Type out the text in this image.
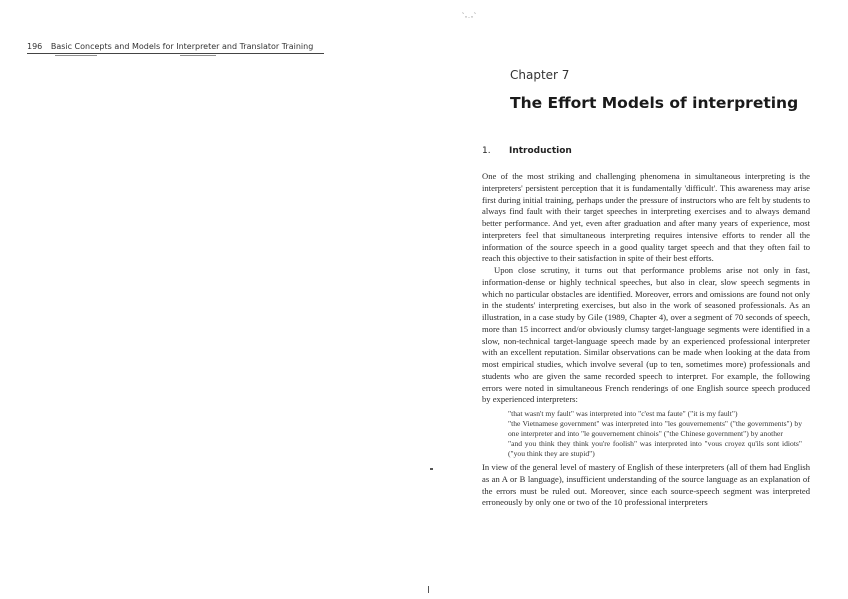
196 Basic Concepts and Models for Interpreter and Translator Training
˜ᵤ˯ᵤ˜
Chapter 7
The Effort Models of interpreting
1. Introduction

One of the most striking and challenging phenomena in simultaneous interpreting is the interpreters' persistent perception that it is fundamentally 'difficult'. This awareness may arise first during initial training, perhaps under the pressure of instructors who are felt by students to always find fault with their target speeches in interpreting exercises and to always demand better performance. And yet, even after graduation and after many years of experience, most interpreters feel that simultaneous interpreting requires intensive efforts to render all the information of the source speech in a good quality target speech and that they often fail to reach this objective to their satisfaction in spite of their best efforts.

Upon close scrutiny, it turns out that performance problems arise not only in fast, information-dense or highly technical speeches, but also in clear, slow speech segments in which no particular obstacles are identified. Moreover, errors and omissions are found not only in the students' interpreting exercises, but also in the work of seasoned professionals. As an illustration, in a case study by Gile (1989, Chapter 4), over a segment of 70 seconds of speech, more than 15 incorrect and/or obviously clumsy target-language segments were identified in a slow, non-technical target-language speech made by an experienced professional interpreter with an excellent reputation. Similar observations can be made when looking at the data from most empirical studies, which involve several (up to ten, sometimes more) professionals and students who are given the same recorded speech to interpret. For example, the following errors were noted in simultaneous French renderings of one English source speech produced by experienced interpreters:

"that wasn't my fault" was interpreted into "c'est ma faute" ("it is my fault")
"the Vietnamese government" was interpreted into "les gouvernements" ("the governments") by one interpreter and into "le gouvernement chinois" ("the Chinese government") by another
"and you think they think you're foolish" was interpreted into "vous croyez qu'ils sont idiots" ("you think they are stupid")

In view of the general level of mastery of English of these interpreters (all of them had English as an A or B language), insufficient understanding of the source language as an explanation of the errors must be ruled out. Moreover, since each source-speech segment was interpreted erroneously by only one or two of the 10 professional interpreters
